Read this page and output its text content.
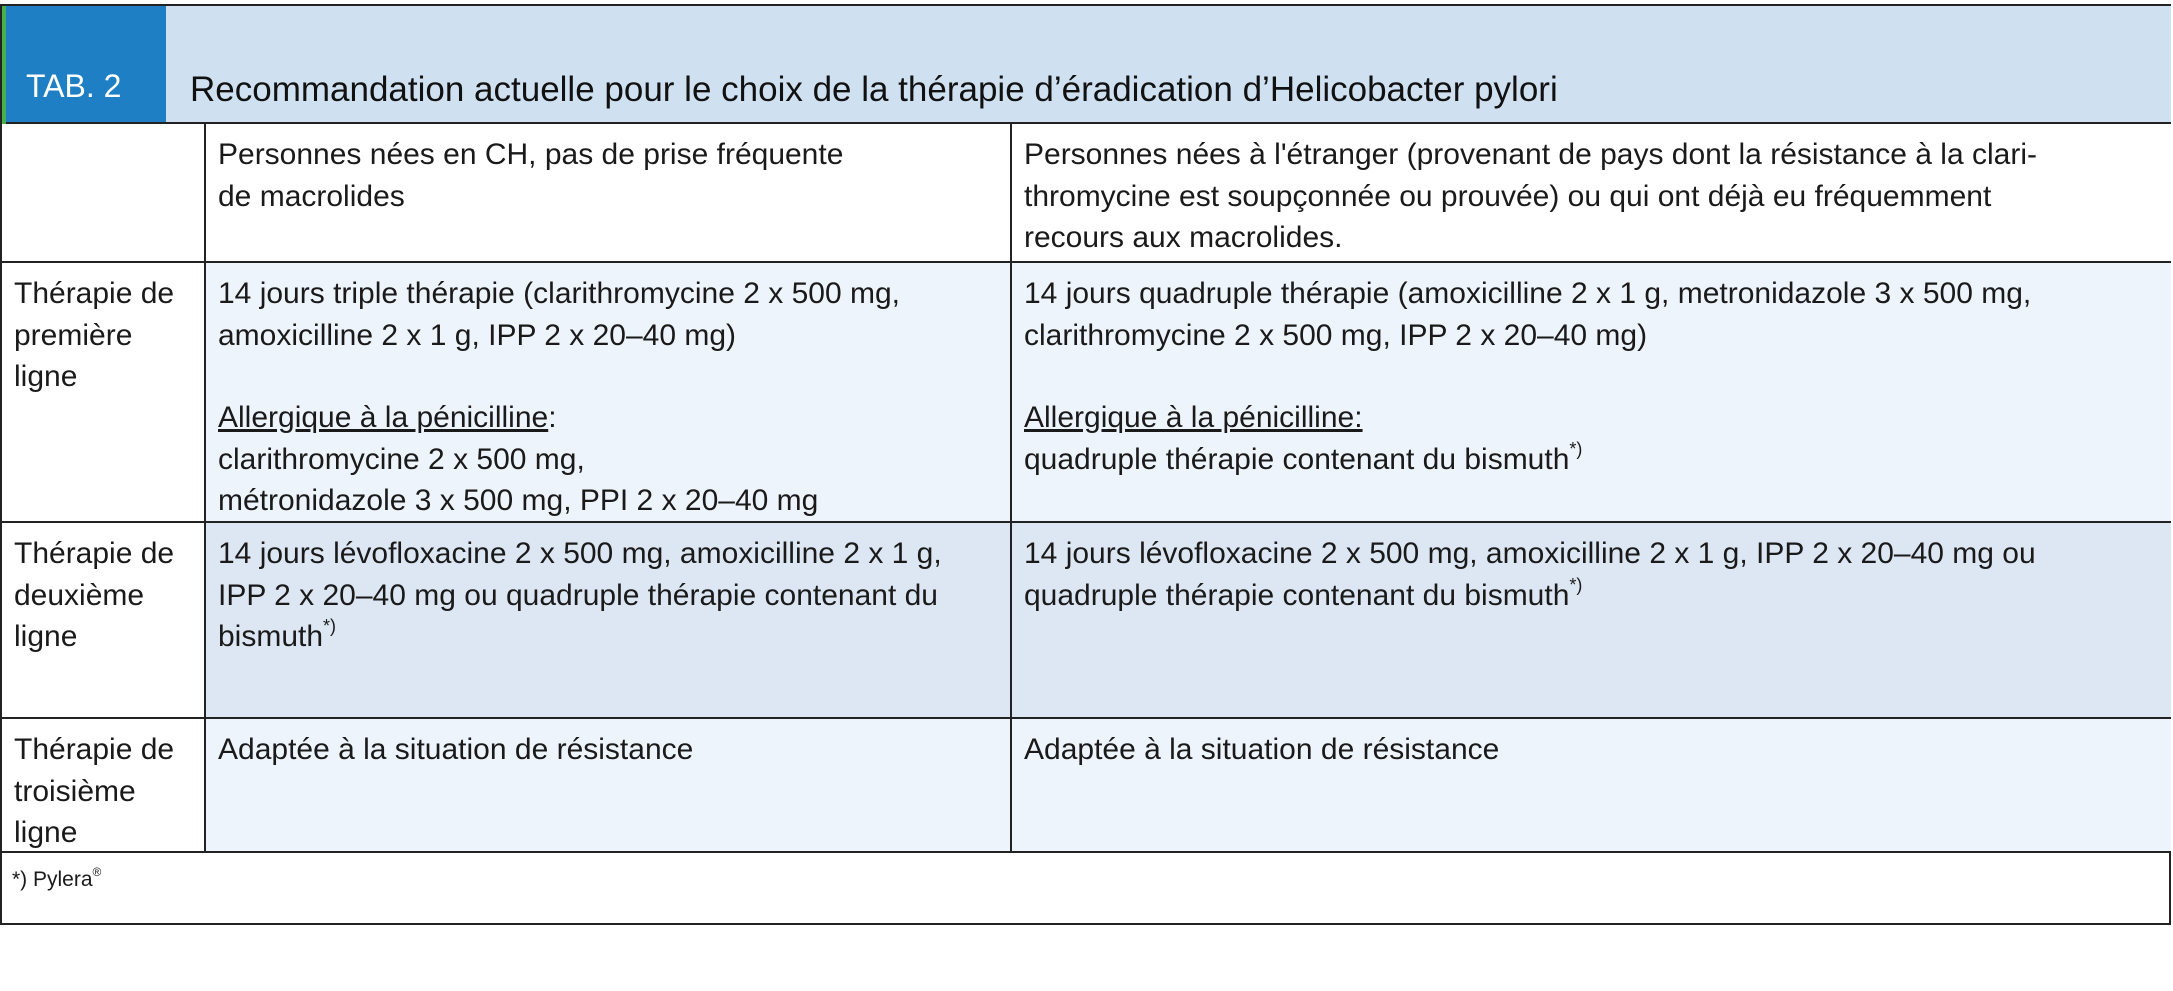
TAB. 2	Recommandation actuelle pour le choix de la thérapie d’éradication d’Helicobacter pylori
Personnes nées en CH, pas de prise fréquente
de macrolides
Personnes nées à l'étranger (provenant de pays dont la résistance à la clari-
thromycine est soupçonnée ou prouvée) ou qui ont déjà eu fréquemment
recours aux macrolides.
Thérapie de
première
ligne
14 jours triple thérapie (clarithromycine 2 x 500 mg,
amoxicilline 2 x 1 g, IPP 2 x 20–40 mg)
Allergique à la pénicilline:
clarithromycine 2 x 500 mg,
métronidazole 3 x 500 mg, PPI 2 x 20–40 mg
14 jours quadruple thérapie (amoxicilline 2 x 1 g, metronidazole 3 x 500 mg,
clarithromycine 2 x 500 mg, IPP 2 x 20–40 mg)
Allergique à la pénicilline:
quadruple thérapie contenant du bismuth*)
Thérapie de
deuxième
ligne
14 jours lévofloxacine 2 x 500 mg, amoxicilline 2 x 1 g,
IPP 2 x 20–40 mg ou quadruple thérapie contenant du
bismuth*)
14 jours lévofloxacine 2 x 500 mg, amoxicilline 2 x 1 g, IPP 2 x 20–40 mg ou
quadruple thérapie contenant du bismuth*)
Thérapie de
troisième
ligne
Adaptée à la situation de résistance	Adaptée à la situation de résistance
*) Pylera®
